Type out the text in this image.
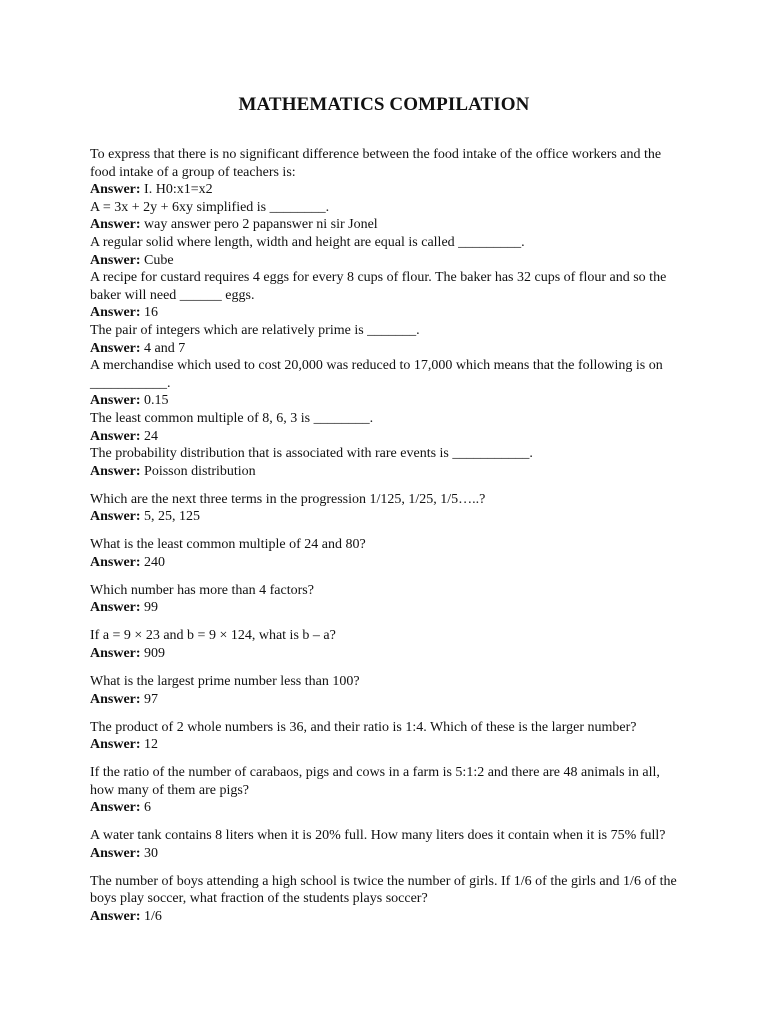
MATHEMATICS COMPILATION
To express that there is no significant difference between the food intake of the office workers and the food intake of a group of teachers is:
Answer: I. H0:x1=x2
A = 3x + 2y + 6xy simplified is ________.
Answer: way answer pero 2 papanswer ni sir Jonel
A regular solid where length, width and height are equal is called _________.
Answer: Cube
A recipe for custard requires 4 eggs for every 8 cups of flour. The baker has 32 cups of flour and so the baker will need ______ eggs.
Answer: 16
The pair of integers which are relatively prime is _______.
Answer: 4 and 7
A merchandise which used to cost 20,000 was reduced to 17,000 which means that the following is on ___________.
Answer: 0.15
The least common multiple of 8, 6, 3 is ________.
Answer: 24
The probability distribution that is associated with rare events is ___________.
Answer: Poisson distribution
Which are the next three terms in the progression 1/125, 1/25, 1/5…..?
Answer: 5, 25, 125
What is the least common multiple of 24 and 80?
Answer: 240
Which number has more than 4 factors?
Answer: 99
If a = 9 × 23 and b = 9 × 124, what is b – a?
Answer: 909
What is the largest prime number less than 100?
Answer: 97
The product of 2 whole numbers is 36, and their ratio is 1:4. Which of these is the larger number?
Answer: 12
If the ratio of the number of carabaos, pigs and cows in a farm is 5:1:2 and there are 48 animals in all, how many of them are pigs?
Answer: 6
A water tank contains 8 liters when it is 20% full. How many liters does it contain when it is 75% full?
Answer: 30
The number of boys attending a high school is twice the number of girls. If 1/6 of the girls and 1/6 of the boys play soccer, what fraction of the students plays soccer?
Answer: 1/6
